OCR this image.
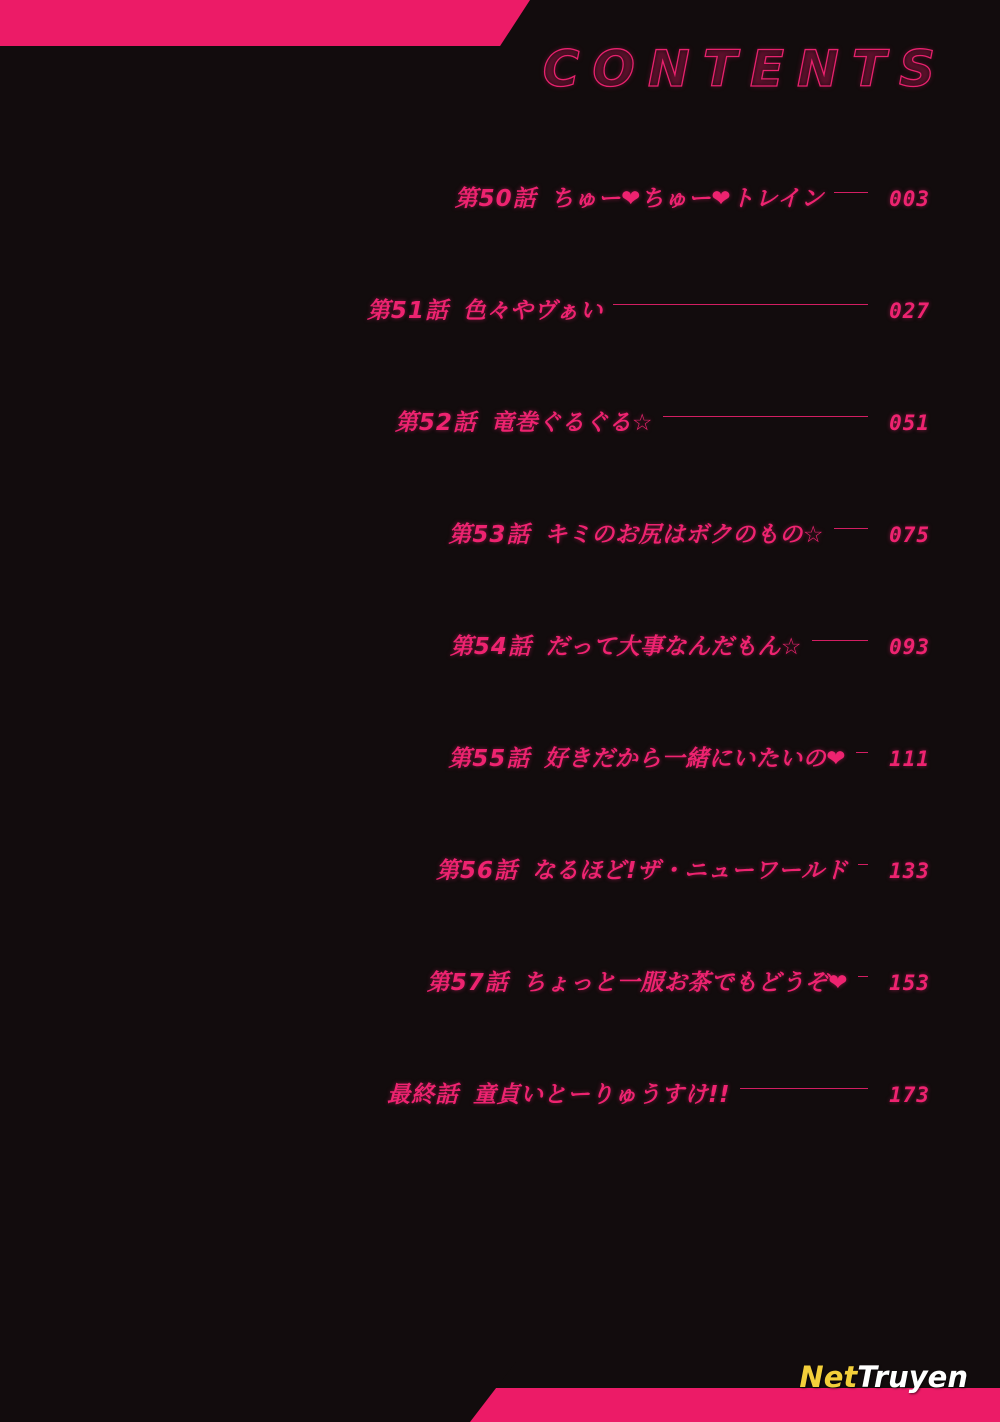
CONTENTS
第50話 ちゅー❤ちゅー❤トレイン	003
第51話 色々やヴぁい	027
第52話 竜巻ぐるぐる☆	051
第53話 キミのお尻はボクのもの☆	075
第54話 だって大事なんだもん☆	093
第55話 好きだから一緒にいたいの❤	111
第56話 なるほど!ザ・ニューワールド	133
第57話 ちょっと一服お茶でもどうぞ❤	153
最終話 童貞いとーりゅうすけ!!	173
NetTruyen
